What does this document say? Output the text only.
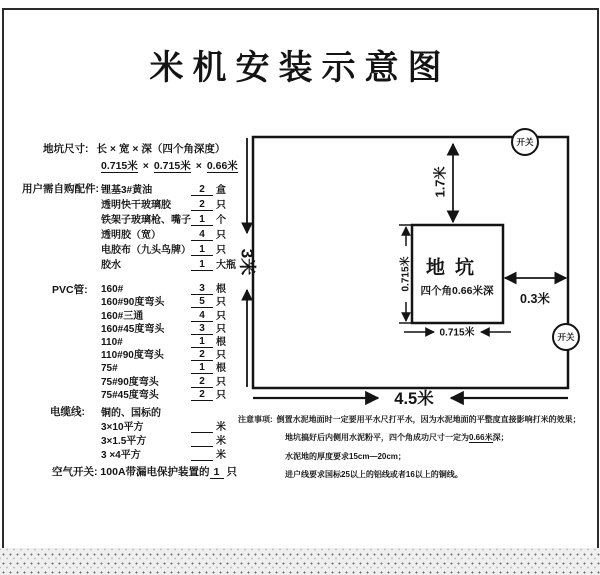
米机安装示意图
地坑尺寸: 长 × 宽 × 深（四个角深度）
0.715米 × 0.715米 × 0.66米
用户需自购配件: 锂基3#黄油	2	盒
透明快干玻璃胶	2	只
铁架子玻璃枪、嘴子 1	个
透明胶（宽）	4	只
电胶布（九头鸟牌） 1	只
胶水	1	大瓶
PVC管: 160#	3	根
160#90度弯头	5	只
160#三通	4	只
160#45度弯头	3	只
110#	1	根
110#90度弯头	2	只
75#	1	根
75#90度弯头	2	只
75#45度弯头	2	只
电缆线: 铜的、国标的
3×10平方	米
3×1.5平方	米
3 ×4平方	米
空气开关: 100A带漏电保护装置的 1 只
3米
开关
1.7米
地坑
四个角0.66米深
0.715米
0.715米
0.3米
开关
4.5米
注意事项: 倒置水泥地面时一定要用平水尺打平水，因为水泥地面的平整度直接影响打米的效果；
地坑搞好后内侧用水泥粉平，四个角成功尺寸一定为0.66米深；
水泥地的厚度要求15cm—20cm；
进户线要求国标25以上的铝线或者16以上的铜线。
